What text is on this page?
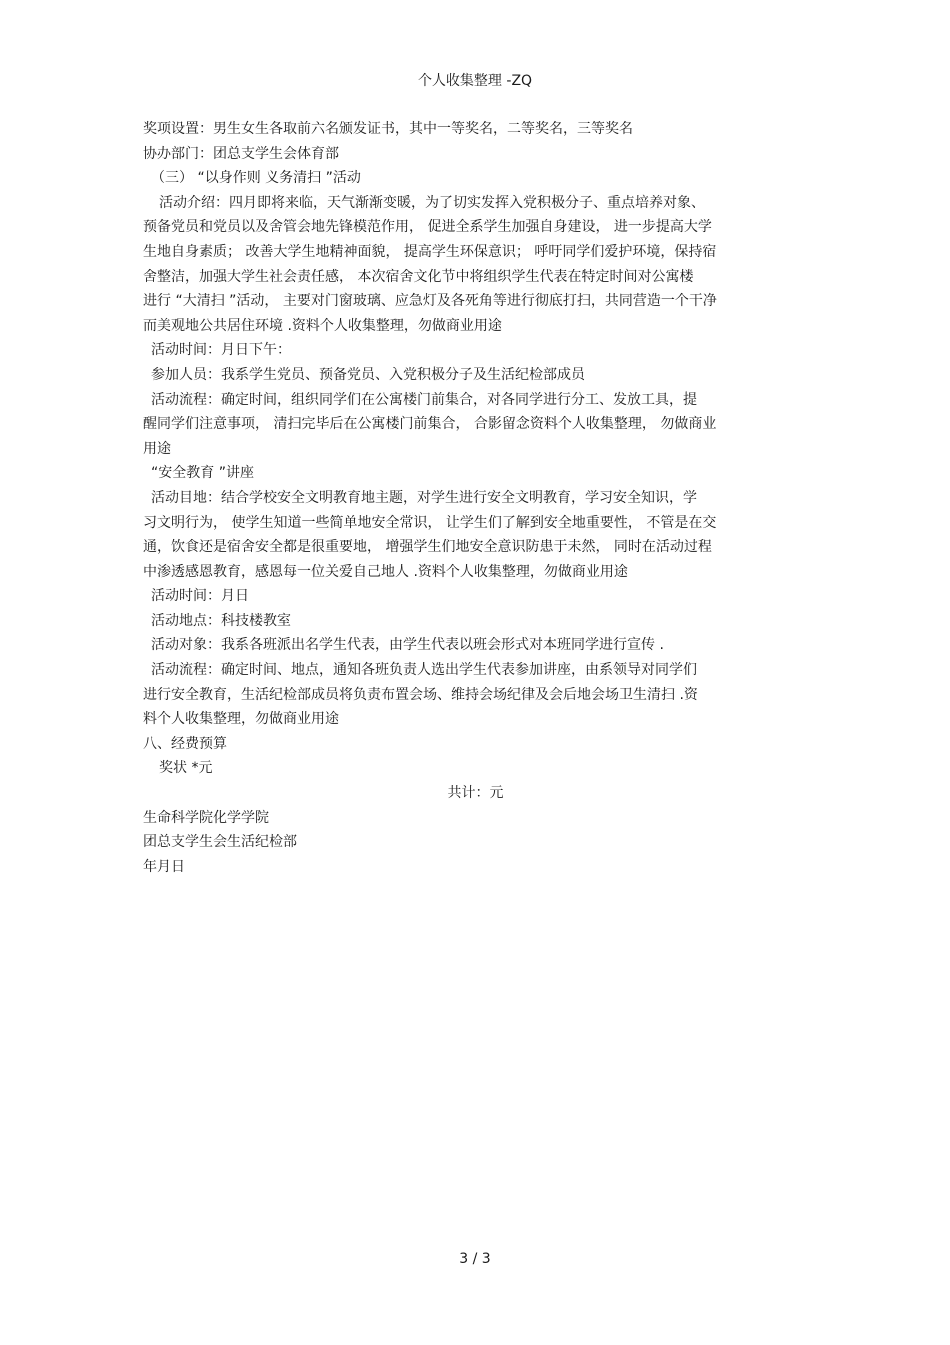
个人收集整理 -ZQ
奖项设置：男生女生各取前六名颁发证书，其中一等奖名，二等奖名，三等奖名
协办部门：团总支学生会体育部
（三） “以身作则 义务清扫 ”活动
活动介绍：四月即将来临，天气渐渐变暖，为了切实发挥入党积极分子、重点培养对象、
预备党员和党员以及舍管会地先锋模范作用， 促进全系学生加强自身建设， 进一步提高大学
生地自身素质； 改善大学生地精神面貌， 提高学生环保意识； 呼吁同学们爱护环境，保持宿
舍整洁，加强大学生社会责任感， 本次宿舍文化节中将组织学生代表在特定时间对公寓楼
进行 “大清扫 ”活动， 主要对门窗玻璃、应急灯及各死角等进行彻底打扫，共同营造一个干净
而美观地公共居住环境 .资料个人收集整理，勿做商业用途
活动时间：月日下午：
参加人员：我系学生党员、预备党员、入党积极分子及生活纪检部成员
活动流程：确定时间，组织同学们在公寓楼门前集合，对各同学进行分工、发放工具，提
醒同学们注意事项， 清扫完毕后在公寓楼门前集合， 合影留念资料个人收集整理， 勿做商业
用途
“安全教育 ”讲座
活动目地：结合学校安全文明教育地主题，对学生进行安全文明教育，学习安全知识，学
习文明行为， 使学生知道一些简单地安全常识， 让学生们了解到安全地重要性， 不管是在交
通，饮食还是宿舍安全都是很重要地， 增强学生们地安全意识防患于未然， 同时在活动过程
中渗透感恩教育，感恩每一位关爱自己地人 .资料个人收集整理，勿做商业用途
活动时间：月日
活动地点：科技楼教室
活动对象：我系各班派出名学生代表，由学生代表以班会形式对本班同学进行宣传 .
活动流程：确定时间、地点，通知各班负责人选出学生代表参加讲座，由系领导对同学们
进行安全教育，生活纪检部成员将负责布置会场、维持会场纪律及会后地会场卫生清扫 .资
料个人收集整理，勿做商业用途
八、经费预算
奖状 *元
共计：元
生命科学院化学学院
团总支学生会生活纪检部
年月日
3 / 3
